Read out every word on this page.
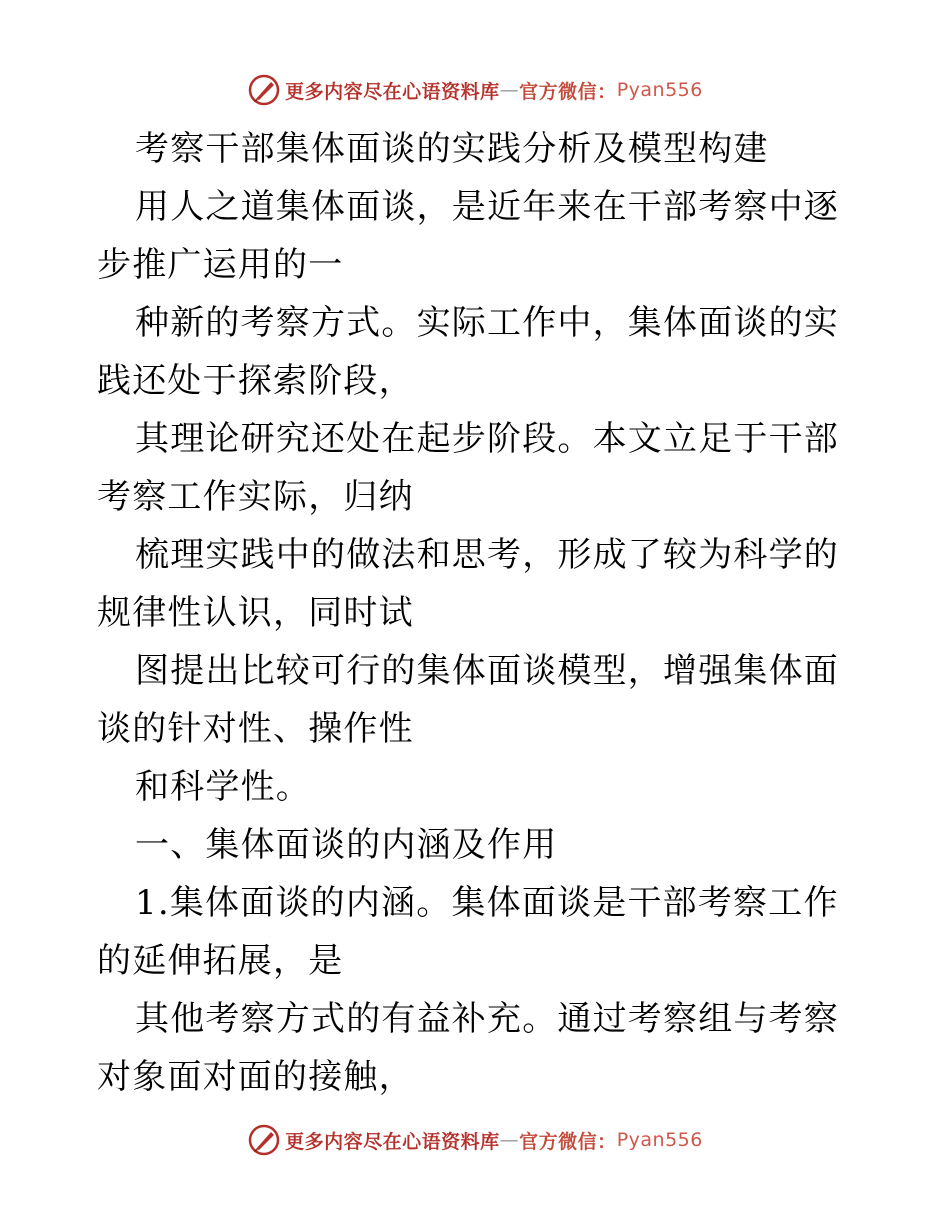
更多内容尽在心语资料库 — 官方微信： Pyan556

考察干部集体面谈的实践分析及模型构建

用人之道集体面谈，是近年来在干部考察中逐步推广运用的一

种新的考察方式。实际工作中，集体面谈的实践还处于探索阶段，

其理论研究还处在起步阶段。本文立足于干部考察工作实际，归纳

梳理实践中的做法和思考，形成了较为科学的规律性认识，同时试

图提出比较可行的集体面谈模型，增强集体面谈的针对性、操作性

和科学性。

一、集体面谈的内涵及作用

1.集体面谈的内涵。集体面谈是干部考察工作的延伸拓展，是

其他考察方式的有益补充。通过考察组与考察对象面对面的接触，

更多内容尽在心语资料库 — 官方微信： Pyan556
